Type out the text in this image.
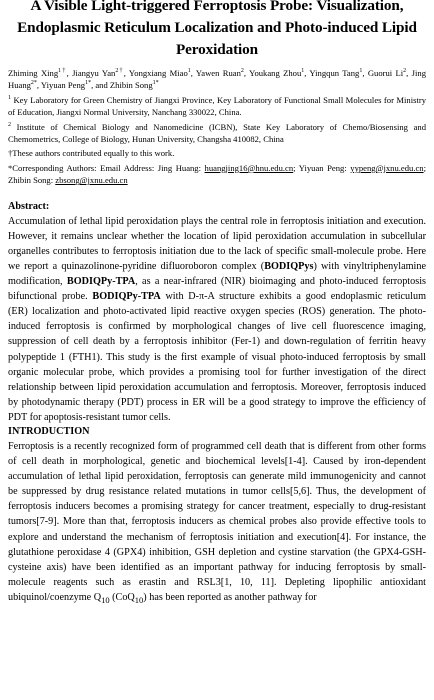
A Visible Light-triggered Ferroptosis Probe: Visualization,
Endoplasmic Reticulum Localization and Photo-induced Lipid
Peroxidation
Zhiming Xing$^{1\dagger}$, Jiangyu Yan$^{2\dagger}$, Yongxiang Miao$^1$, Yawen Ruan$^2$, Youkang Zhou$^1$, Yingqun Tang$^1$, Guorui Li$^2$, Jing Huang$^{2*}$, Yiyuan Peng$^{1*}$, and Zhibin Song$^{1*}$
$^1$ Key Laboratory for Green Chemistry of Jiangxi Province, Key Laboratory of Functional Small Molecules for Ministry of Education, Jiangxi Normal University, Nanchang 330022, China.
$^2$ Institute of Chemical Biology and Nanomedicine (ICBN), State Key Laboratory of Chemo/Biosensing and Chemometrics, College of Biology, Hunan University, Changsha 410082, China
†These authors contributed equally to this work.
*Corresponding Authors: Email Address: Jing Huang: huangjing16@hnu.edu.cn; Yiyuan Peng: yypeng@jxnu.edu.cn; Zhibin Song: zbsong@jxnu.edu.cn
Abstract:
Accumulation of lethal lipid peroxidation plays the central role in ferroptosis initiation and execution. However, it remains unclear whether the location of lipid peroxidation accumulation in subcellular organelles contributes to ferroptosis initiation due to the lack of specific small-molecule probe. Here we report a quinazolinone-pyridine difluoroboron complex (BODIQPys) with vinyltriphenylamine modification, BODIQPy-TPA, as a near-infrared (NIR) bioimaging and photo-induced ferroptosis bifunctional probe. BODIQPy-TPA with D-π-A structure exhibits a good endoplasmic reticulum (ER) localization and photo-activated lipid reactive oxygen species (ROS) generation. The photo-induced ferroptosis is confirmed by morphological changes of live cell fluorescence imaging, suppression of cell death by a ferroptosis inhibitor (Fer-1) and down-regulation of ferritin heavy polypeptide 1 (FTH1). This study is the first example of visual photo-induced ferroptosis by small organic molecular probe, which provides a promising tool for further investigation of the direct relationship between lipid peroxidation accumulation and ferroptosis. Moreover, ferroptosis induced by photodynamic therapy (PDT) process in ER will be a good strategy to improve the efficiency of PDT for apoptosis-resistant tumor cells.
INTRODUCTION
Ferroptosis is a recently recognized form of programmed cell death that is different from other forms of cell death in morphological, genetic and biochemical levels[1-4]. Caused by iron-dependent accumulation of lethal lipid peroxidation, ferroptosis can generate mild immunogenicity and cannot be suppressed by drug resistance related mutations in tumor cells[5,6]. Thus, the development of ferroptosis inducers becomes a promising strategy for cancer treatment, especially to drug-resistant tumors[7-9]. More than that, ferroptosis inducers as chemical probes also provide effective tools to explore and understand the mechanism of ferroptosis initiation and execution[4]. For instance, the glutathione peroxidase 4 (GPX4) inhibition, GSH depletion and cystine starvation (the GPX4-GSH-cysteine axis) have been identified as an important pathway for inducing ferroptosis by small-molecule reagents such as erastin and RSL3[1, 10, 11]. Depleting lipophilic antioxidant ubiquinol/coenzyme $Q_{10}$ (CoQ$_{10}$) has been reported as another pathway for
